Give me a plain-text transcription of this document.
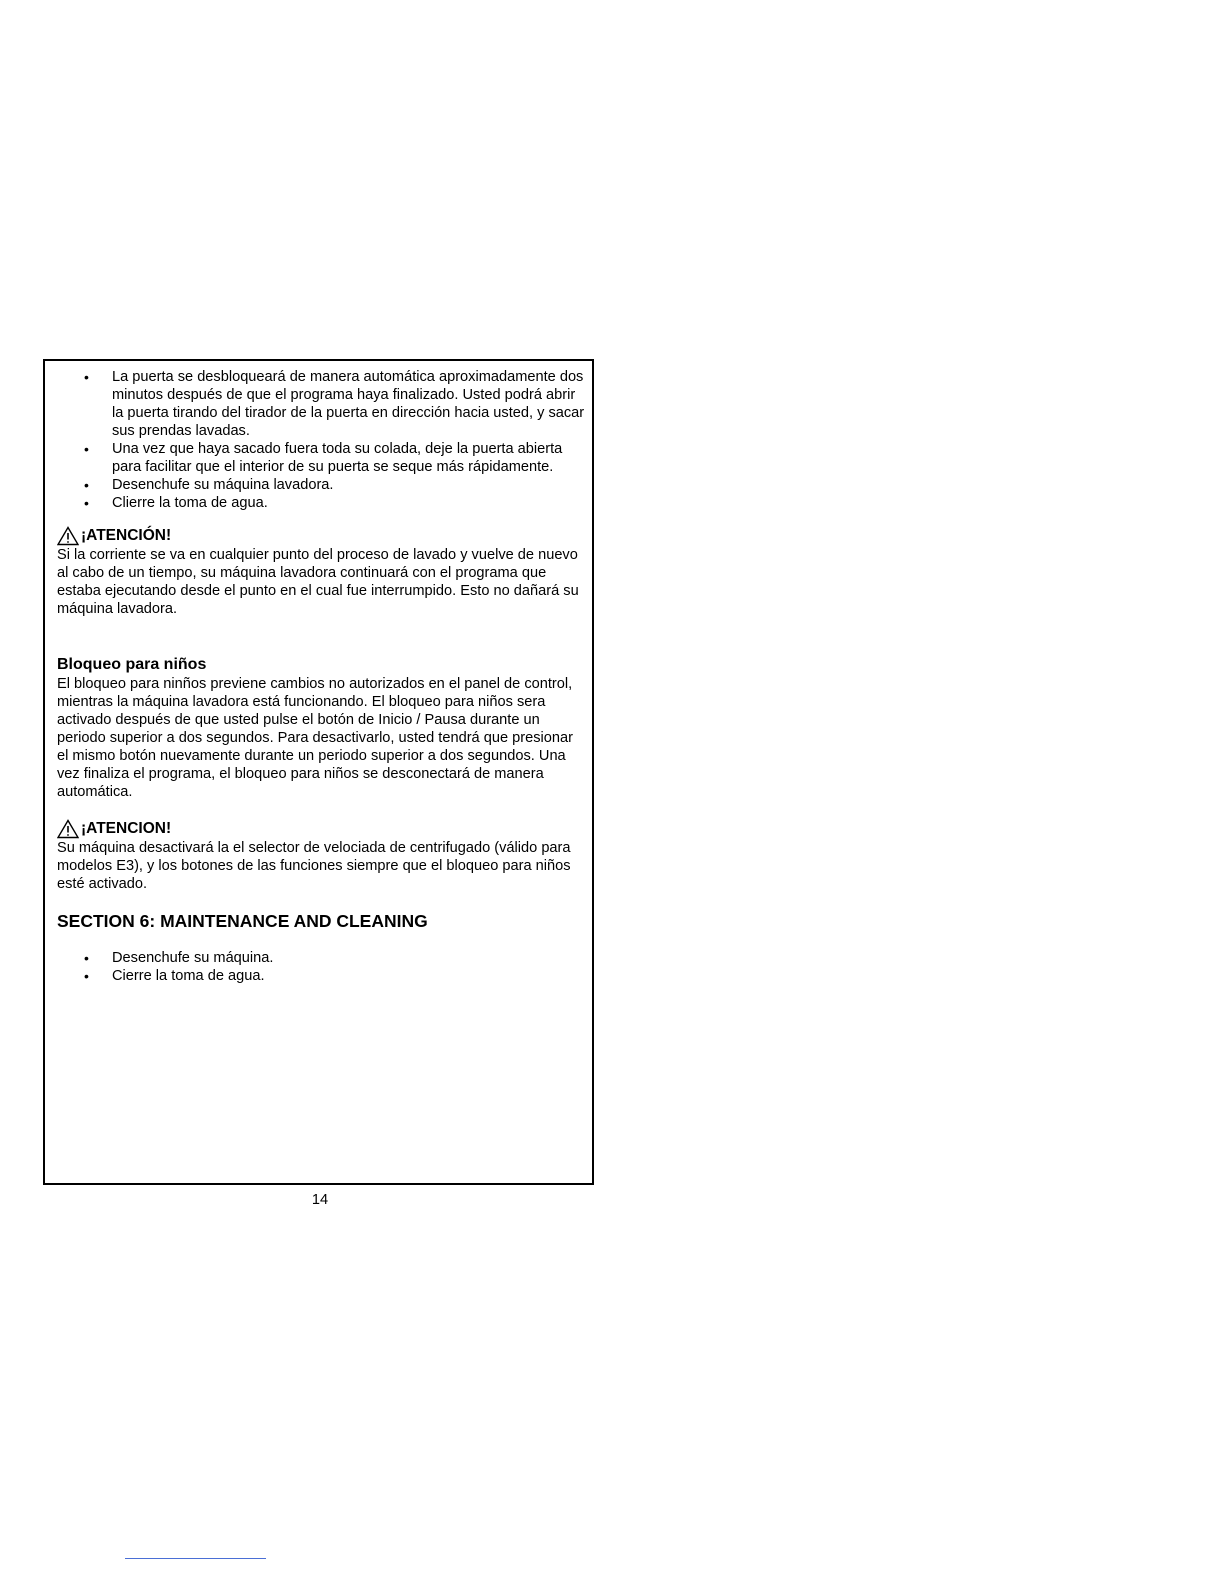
• La puerta se desbloqueará de manera automática aproximadamente dos minutos después de que el programa haya finalizado. Usted podrá abrir la puerta tirando del tirador de la puerta en dirección hacia usted, y sacar sus prendas lavadas.
• Una vez que haya sacado fuera toda su colada, deje la puerta abierta para facilitar que el interior de su puerta se seque más rápidamente.
• Desenchufe su máquina lavadora.
• Clierre la toma de agua.
¡ATENCIÓN!

Si la corriente se va en cualquier punto del proceso de lavado y vuelve de nuevo al cabo de un tiempo, su máquina lavadora continuará con el programa que estaba ejecutando desde el punto en el cual fue interrumpido. Esto no dañará su máquina lavadora.

Bloqueo para niños

El bloqueo para ninños previene cambios no autorizados en el panel de control, mientras la máquina lavadora está funcionando. El bloqueo para niños sera activado después de que usted pulse el botón de Inicio / Pausa durante un periodo superior a dos segundos. Para desactivarlo, usted tendrá que presionar el mismo botón nuevamente durante un periodo superior a dos segundos. Una vez finaliza el programa, el bloqueo para niños se desconectará de manera automática.

¡ATENCION!

Su máquina desactivará la el selector de velociada de centrifugado (válido para modelos E3), y los botones de las funciones siempre que el bloqueo para niños esté activado.

SECTION 6: MAINTENANCE AND CLEANING

• Desenchufe su máquina.
• Cierre la toma de agua.
14
